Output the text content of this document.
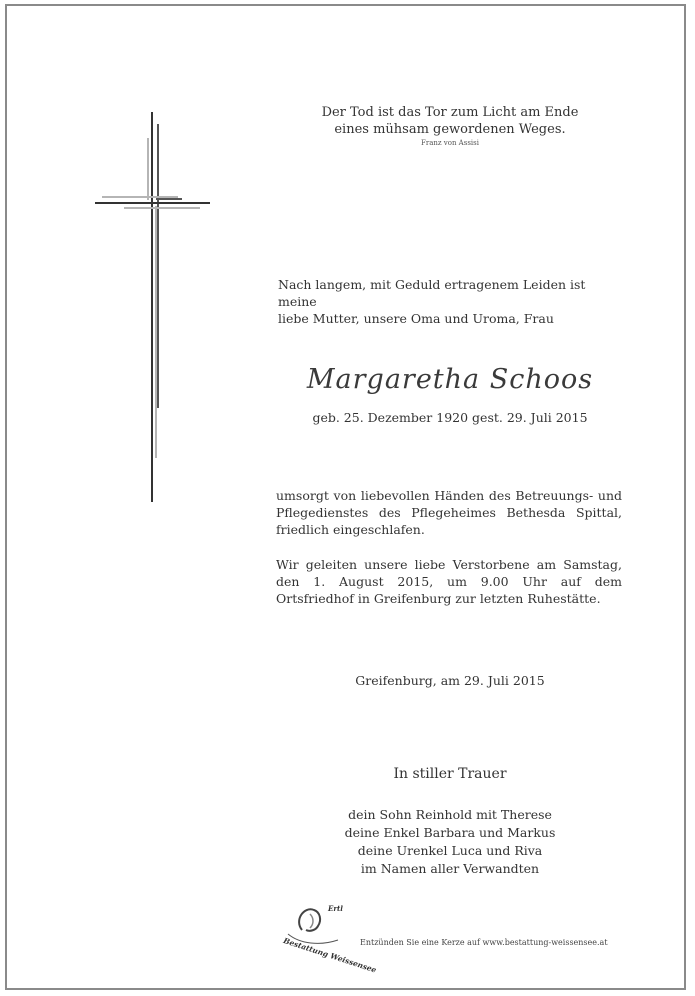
Der Tod ist das Tor zum Licht am Ende
eines mühsam gewordenen Weges.
Franz von Assisi
Nach langem, mit Geduld ertragenem Leiden ist meine
liebe Mutter, unsere Oma und Uroma, Frau
Margaretha Schoos
geb. 25. Dezember 1920 gest. 29. Juli 2015
umsorgt von liebevollen Händen des Betreuungs- und Pflegedienstes des Pflegeheimes Bethesda Spittal, friedlich eingeschlafen.
Wir geleiten unsere liebe Verstorbene am Samstag, den 1. August 2015, um 9.00 Uhr auf dem Ortsfriedhof in Greifenburg zur letzten Ruhestätte.
Greifenburg, am 29. Juli 2015
In stiller Trauer
dein Sohn Reinhold mit Therese
deine Enkel Barbara und Markus
deine Urenkel Luca und Riva
im Namen aller Verwandten
Ertl
Bestattung Weissensee
Entzünden Sie eine Kerze auf www.bestattung-weissensee.at
